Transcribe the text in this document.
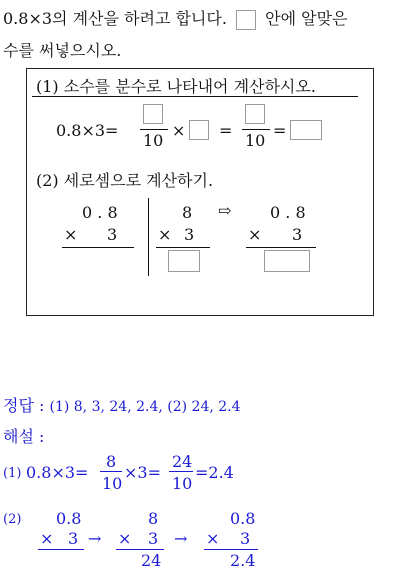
0.8×3의 계산을 하려고 합니다. 안에 알맞은
수를 써넣으시오.
(1) 소수를 분수로 나타내어 계산하시오.
0.8×3=
10
× =
10
=
(2) 세로셈으로 계산하기.
0 . 8
× 3
8
× 3
⇨ 0 . 8
× 3
정답 : (1) 8, 3, 24, 2.4, (2) 24, 2.4
해설 :
(1) 0.8×3=
8
10
×3=
24
10
=2.4
(2) 0.8
× 3 →
8
× 3
24
→
0.8
× 3
2.4
